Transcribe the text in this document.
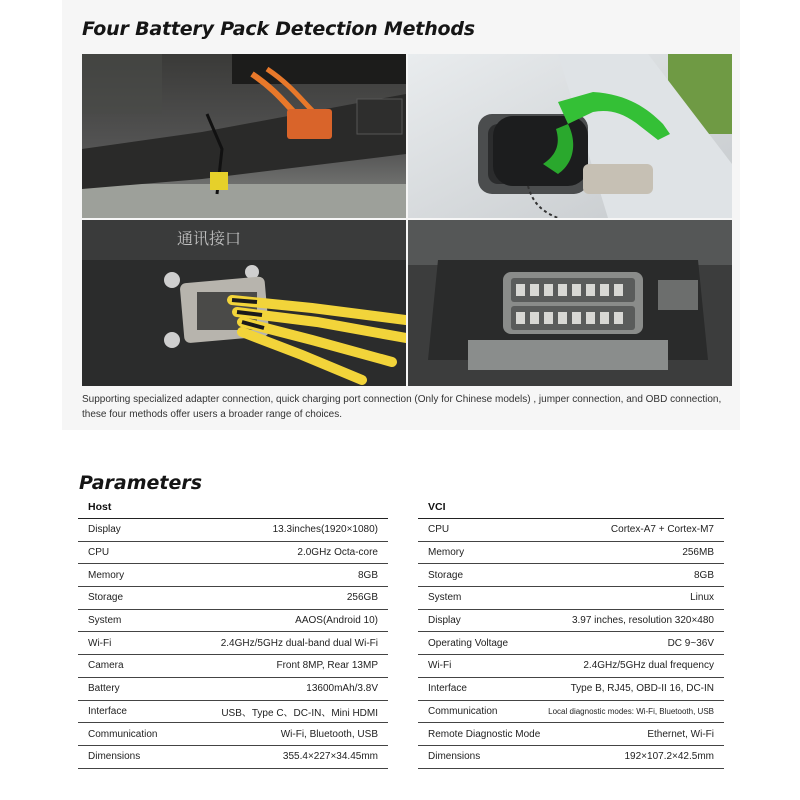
Four Battery Pack Detection Methods
通讯接口
Supporting specialized adapter connection, quick charging port connection (Only for Chinese models) , jumper connection, and OBD connection, these four methods offer users a broader range of choices.
Parameters
Host
Display	13.3inches(1920×1080)
CPU	2.0GHz Octa-core
Memory	8GB
Storage	256GB
System	AAOS(Android 10)
Wi-Fi	2.4GHz/5GHz dual-band dual Wi-Fi
Camera	Front 8MP, Rear 13MP
Battery	13600mAh/3.8V
Interface	USB、Type C、DC-IN、Mini HDMI
Communication	Wi-Fi, Bluetooth, USB
Dimensions	355.4×227×34.45mm
VCI
CPU	Cortex-A7 + Cortex-M7
Memory	256MB
Storage	8GB
System	Linux
Display	3.97 inches, resolution 320×480
Operating Voltage	DC 9~36V
Wi-Fi	2.4GHz/5GHz dual frequency
Interface	Type B, RJ45, OBD-II 16, DC-IN
Communication	Local diagnostic modes: Wi-Fi, Bluetooth, USB
Remote Diagnostic Mode	Ethernet, Wi-Fi
Dimensions	192×107.2×42.5mm
